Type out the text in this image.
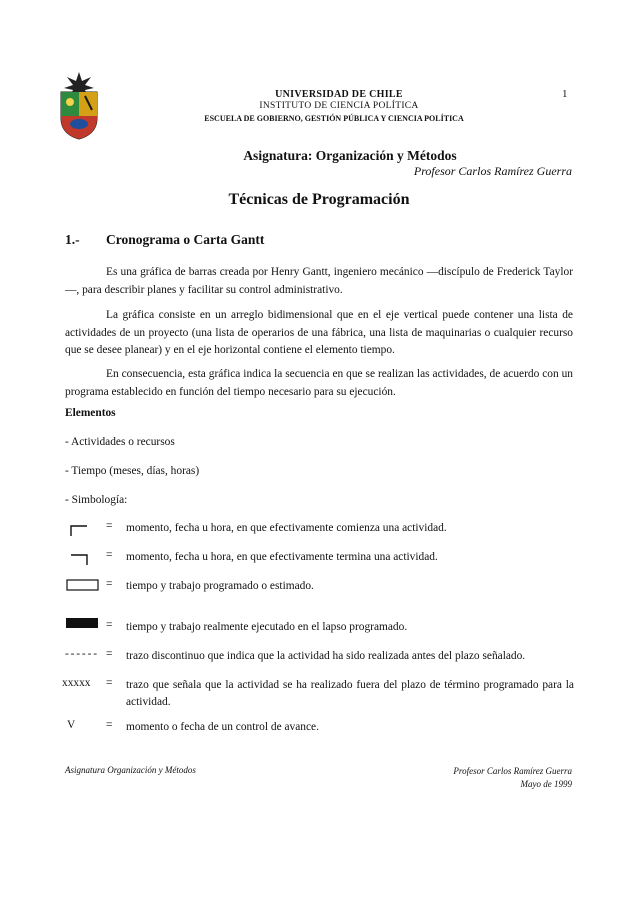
UNIVERSIDAD DE CHILE
INSTITUTO DE CIENCIA POLÍTICA
ESCUELA DE GOBIERNO, GESTIÓN PÚBLICA Y CIENCIA POLÍTICA
1
Asignatura: Organización y Métodos
Profesor Carlos Ramírez Guerra
Técnicas de Programación
1.- Cronograma o Carta Gantt
Es una gráfica de barras creada por Henry Gantt, ingeniero mecánico —discípulo de Frederick Taylor—, para describir planes y facilitar su control administrativo.
La gráfica consiste en un arreglo bidimensional que en el eje vertical puede contener una lista de actividades de un proyecto (una lista de operarios de una fábrica, una lista de maquinarias o cualquier recurso que se desee planear) y en el eje horizontal contiene el elemento tiempo.
En consecuencia, esta gráfica indica la secuencia en que se realizan las actividades, de acuerdo con un programa establecido en función del tiempo necesario para su ejecución.
Elementos
- Actividades o recursos
- Tiempo (meses, días, horas)
- Simbología:
= momento, fecha u hora, en que efectivamente comienza una actividad.
= momento, fecha u hora, en que efectivamente termina una actividad.
= tiempo y trabajo programado o estimado.
= tiempo y trabajo realmente ejecutado en el lapso programado.
- - - - - - = trazo discontinuo que indica que la actividad ha sido realizada antes del plazo señalado.
xxxxx = trazo que señala que la actividad se ha realizado fuera del plazo de término programado para la actividad.
V	= momento o fecha de un control de avance.
Asignatura Organización y Métodos	Profesor Carlos Ramírez Guerra
Mayo de 1999
